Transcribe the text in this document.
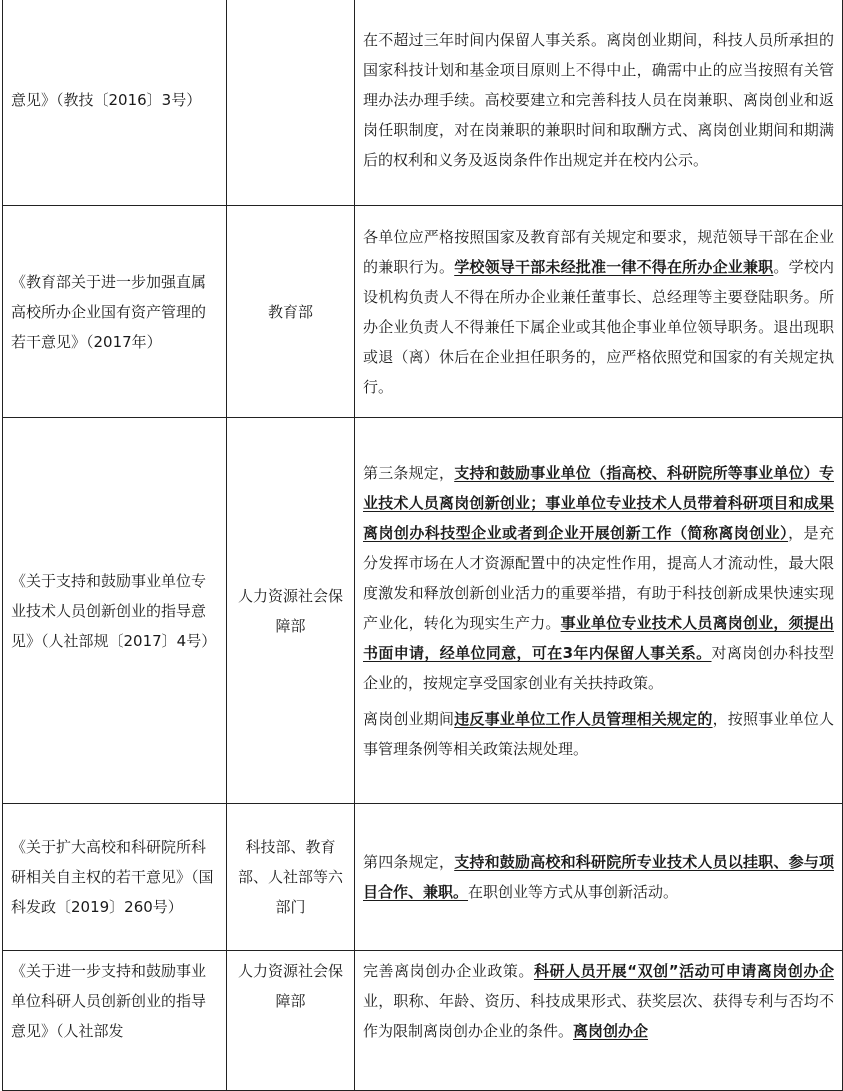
意见》（教技〔2016〕3号）		在不超过三年时间内保留人事关系。离岗创业期间，科技人员所承担的国家科技计划和基金项目原则上不得中止，确需中止的应当按照有关管理办法办理手续。高校要建立和完善科技人员在岗兼职、离岗创业和返岗任职制度，对在岗兼职的兼职时间和取酬方式、离岗创业期间和期满后的权利和义务及返岗条件作出规定并在校内公示。

《教育部关于进一步加强直属高校所办企业国有资产管理的若干意见》（2017年）	教育部	各单位应严格按照国家及教育部有关规定和要求，规范领导干部在企业的兼职行为。学校领导干部未经批准一律不得在所办企业兼职。学校内设机构负责人不得在所办企业兼任董事长、总经理等主要登陆职务。所办企业负责人不得兼任下属企业或其他企事业单位领导职务。退出现职或退（离）休后在企业担任职务的，应严格依照党和国家的有关规定执行。

《关于支持和鼓励事业单位专业技术人员创新创业的指导意见》（人社部规〔2017〕4号）	人力资源社会保障部	第三条规定，支持和鼓励事业单位（指高校、科研院所等事业单位）专业技术人员离岗创新创业；事业单位专业技术人员带着科研项目和成果离岗创办科技型企业或者到企业开展创新工作（简称离岗创业），是充分发挥市场在人才资源配置中的决定性作用，提高人才流动性，最大限度激发和释放创新创业活力的重要举措，有助于科技创新成果快速实现产业化，转化为现实生产力。事业单位专业技术人员离岗创业，须提出书面申请，经单位同意，可在3年内保留人事关系。对离岗创办科技型企业的，按规定享受国家创业有关扶持政策。

离岗创业期间违反事业单位工作人员管理相关规定的，按照事业单位人事管理条例等相关政策法规处理。

《关于扩大高校和科研院所科研相关自主权的若干意见》（国科发政〔2019〕260号）	科技部、教育部、人社部等六部门	第四条规定，支持和鼓励高校和科研院所专业技术人员以挂职、参与项目合作、兼职。在职创业等方式从事创新活动。

《关于进一步支持和鼓励事业单位科研人员创新创业的指导意见》（人社部发	人力资源社会保障部	完善离岗创办企业政策。科研人员开展“双创”活动可申请离岗创办企业，职称、年龄、资历、科技成果形式、获奖层次、获得专利与否均不作为限制离岗创办企业的条件。离岗创办企
